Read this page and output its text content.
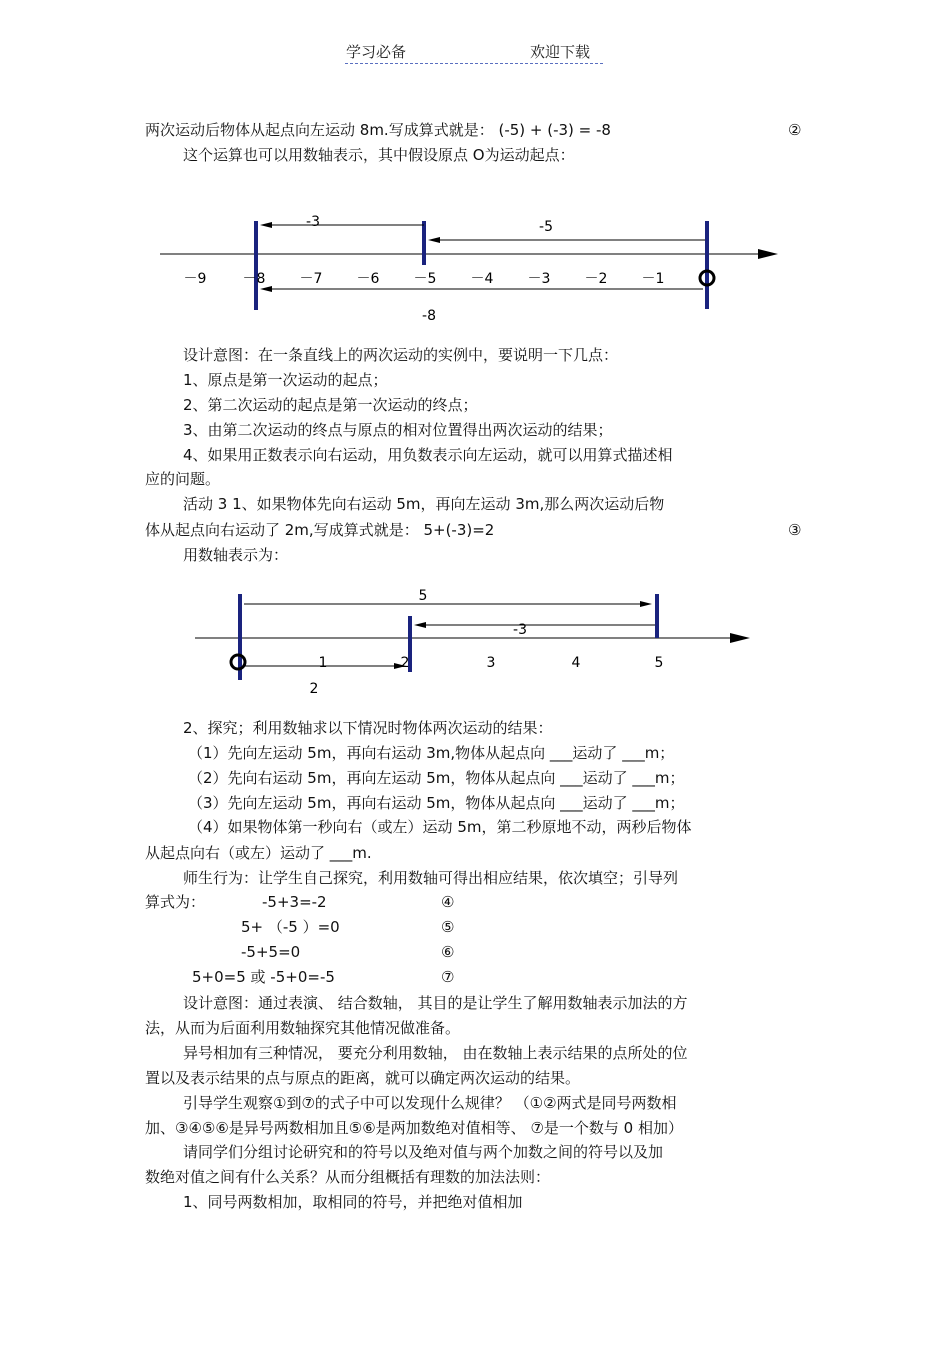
学习必备	欢迎下载
两次运动后物体从起点向左运动 8m.写成算式就是： (-5) + (-3) = -8	②
这个运算也可以用数轴表示，其中假设原点 O为运动起点：
-3	-5
-8
－9	－8 －7 －6 －5 －4 －3 －2 －1
设计意图：在一条直线上的两次运动的实例中，要说明一下几点：
1、原点是第一次运动的起点；
2、第二次运动的起点是第一次运动的终点；
3、由第二次运动的终点与原点的相对位置得出两次运动的结果；
4、如果用正数表示向右运动，用负数表示向左运动，就可以用算式描述相
应的问题。
活动 3 1、如果物体先向右运动 5m，再向左运动 3m,那么两次运动后物
体从起点向右运动了 2m,写成算式就是： 5+(-3)=2	③
用数轴表示为：
5
-3
2
1	2	3	4	5
2、探究；利用数轴求以下情况时物体两次运动的结果：
（1）先向左运动 5m，再向右运动 3m,物体从起点向 ___运动了 ___m；
（2）先向右运动 5m，再向左运动 5m，物体从起点向 ___运动了 ___m；
（3）先向左运动 5m，再向右运动 5m，物体从起点向 ___运动了 ___m；
（4）如果物体第一秒向右（或左）运动 5m，第二秒原地不动，两秒后物体
从起点向右（或左）运动了 ___m.
师生行为：让学生自己探究，利用数轴可得出相应结果，依次填空；引导列
算式为：	-5+3=-2	④
5+ （-5 ）=0	⑤
-5+5=0	⑥
5+0=5 或 -5+0=-5	⑦
设计意图：通过表演、 结合数轴， 其目的是让学生了解用数轴表示加法的方
法，从而为后面利用数轴探究其他情况做准备。
异号相加有三种情况， 要充分利用数轴， 由在数轴上表示结果的点所处的位
置以及表示结果的点与原点的距离，就可以确定两次运动的结果。
引导学生观察①到⑦的式子中可以发现什么规律？ （①②两式是同号两数相
加、③④⑤⑥是异号两数相加且⑤⑥是两加数绝对值相等、 ⑦是一个数与 0 相加）
请同学们分组讨论研究和的符号以及绝对值与两个加数之间的符号以及加
数绝对值之间有什么关系？从而分组概括有理数的加法法则：
1、同号两数相加，取相同的符号，并把绝对值相加
